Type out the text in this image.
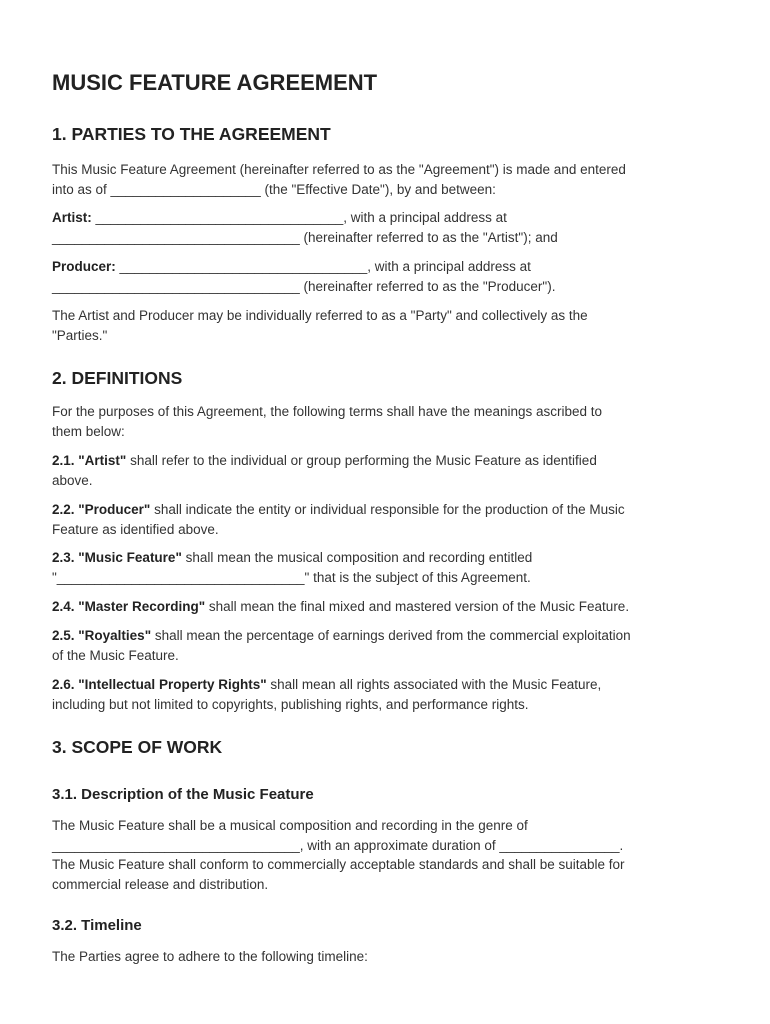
MUSIC FEATURE AGREEMENT
1. PARTIES TO THE AGREEMENT
This Music Feature Agreement (hereinafter referred to as the "Agreement") is made and entered
into as of ____________________ (the "Effective Date"), by and between:
Artist: _________________________________, with a principal address at
_________________________________ (hereinafter referred to as the "Artist"); and
Producer: _________________________________, with a principal address at
_________________________________ (hereinafter referred to as the "Producer").
The Artist and Producer may be individually referred to as a "Party" and collectively as the
"Parties."
2. DEFINITIONS
For the purposes of this Agreement, the following terms shall have the meanings ascribed to
them below:
2.1. "Artist" shall refer to the individual or group performing the Music Feature as identified
above.
2.2. "Producer" shall indicate the entity or individual responsible for the production of the Music
Feature as identified above.
2.3. "Music Feature" shall mean the musical composition and recording entitled
"_________________________________" that is the subject of this Agreement.
2.4. "Master Recording" shall mean the final mixed and mastered version of the Music Feature.
2.5. "Royalties" shall mean the percentage of earnings derived from the commercial exploitation
of the Music Feature.
2.6. "Intellectual Property Rights" shall mean all rights associated with the Music Feature,
including but not limited to copyrights, publishing rights, and performance rights.
3. SCOPE OF WORK
3.1. Description of the Music Feature
The Music Feature shall be a musical composition and recording in the genre of
_________________________________, with an approximate duration of ________________.
The Music Feature shall conform to commercially acceptable standards and shall be suitable for
commercial release and distribution.
3.2. Timeline
The Parties agree to adhere to the following timeline:
